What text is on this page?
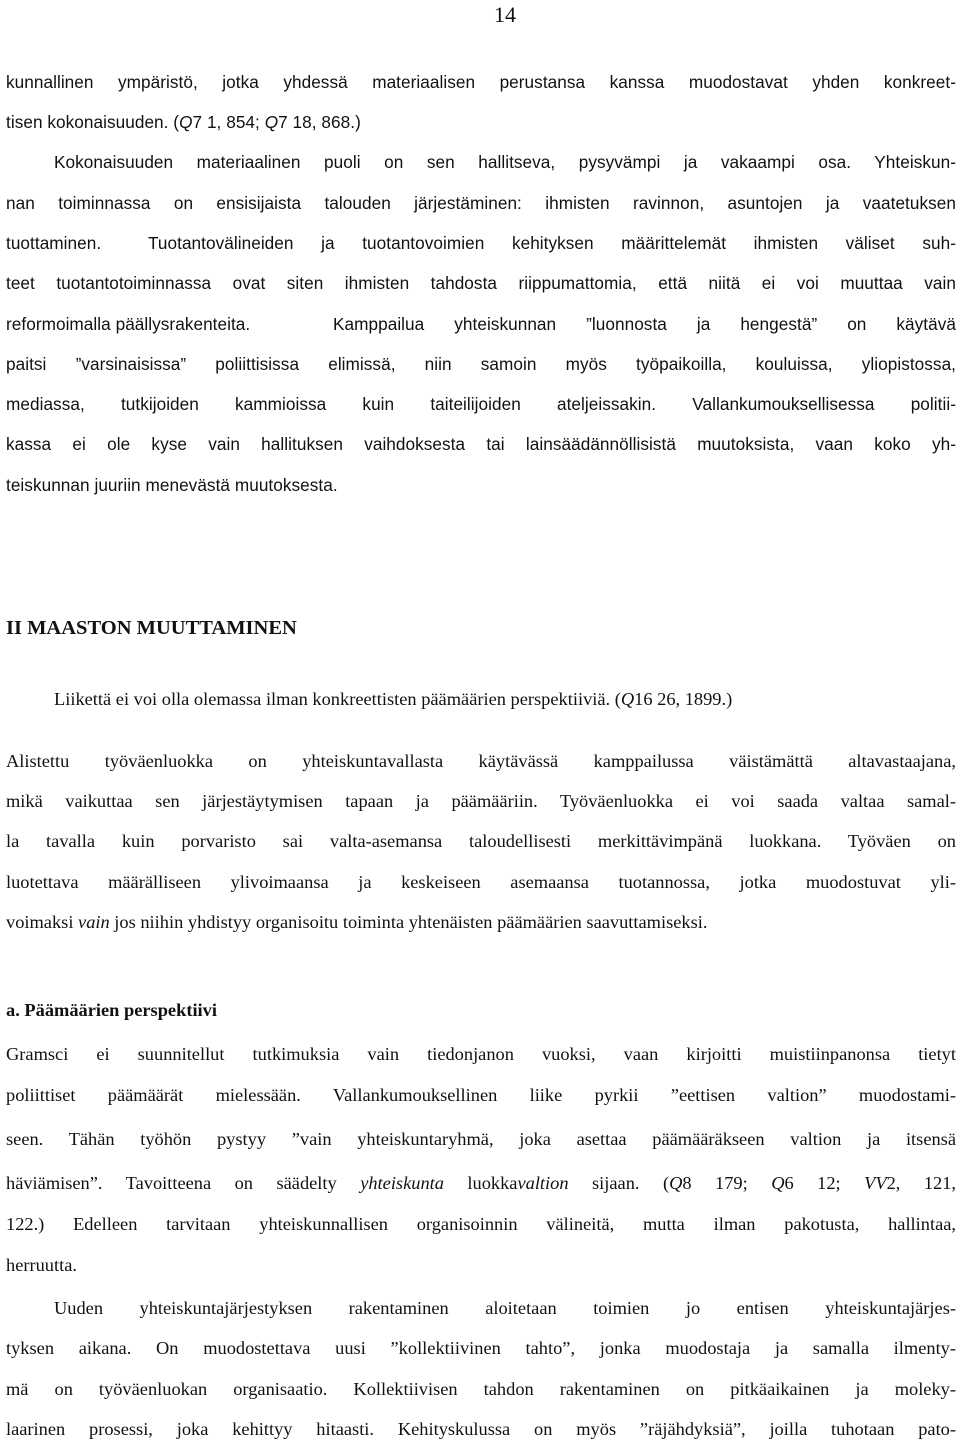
14
kunnallinen ympäristö, jotka yhdessä materiaalisen perustansa kanssa muodostavat yhden konkreet-
tisen kokonaisuuden. (Q7 1, 854; Q7 18, 868.)
Kokonaisuuden materiaalinen puoli on sen hallitseva, pysyvämpi ja vakaampi osa. Yhteiskun-
nan toiminnassa on ensisijaista talouden järjestäminen: ihmisten ravinnon, asuntojen ja vaatetuksen
tuottaminen.	Tuotantovälineiden ja tuotantovoimien kehityksen määrittelemät ihmisten väliset suh-
teet tuotantotoiminnassa ovat siten ihmisten tahdosta riippumattomia, että niitä ei voi muuttaa vain
reformoimalla päällysrakenteita.	Kamppailua yhteiskunnan ”luonnosta ja hengestä” on käytävä
paitsi ”varsinaisissa” poliittisissa elimissä, niin samoin myös työpaikoilla, kouluissa, yliopistossa,
mediassa, tutkijoiden kammioissa kuin taiteilijoiden ateljeissakin. Vallankumouksellisessa politii-
kassa ei ole kyse vain hallituksen vaihdoksesta tai lainsäädännöllisistä muutoksista, vaan koko yh-
teiskunnan juuriin menevästä muutoksesta.
II MAASTON MUUTTAMINEN
Liikettä ei voi olla olemassa ilman konkreettisten päämäärien perspektiiviä. (Q16 26, 1899.)
Alistettu työväenluokka on yhteiskuntavallasta käytävässä kamppailussa väistämättä altavastaajana,
mikä vaikuttaa sen järjestäytymisen tapaan ja päämääriin. Työväenluokka ei voi saada valtaa samal-
la tavalla kuin porvaristo sai valta-asemansa taloudellisesti merkittävimpänä luokkana. Työväen on
luotettava määrälliseen ylivoimaansa ja keskeiseen asemaansa tuotannossa, jotka muodostuvat yli-
voimaksi vain jos niihin yhdistyy organisoitu toiminta yhtenäisten päämäärien saavuttamiseksi.
a. Päämäärien perspektiivi
Gramsci ei suunnitellut tutkimuksia vain tiedonjanon vuoksi, vaan kirjoitti muistiinpanonsa tietyt
poliittiset päämäärät mielessään. Vallankumouksellinen liike pyrkii ”eettisen valtion” muodostami-
seen. Tähän työhön pystyy ”vain yhteiskuntaryhmä, joka asettaa päämääräkseen valtion ja itsensä
häviämisen”. Tavoitteena on säädelty yhteiskunta luokkavaltion sijaan. (Q8 179; Q6 12; VV2, 121,
122.) Edelleen tarvitaan yhteiskunnallisen organisoinnin välineitä, mutta ilman pakotusta, hallintaa,
herruutta.
Uuden yhteiskuntajärjestyksen rakentaminen aloitetaan toimien jo entisen yhteiskuntajärjes-
tyksen aikana. On muodostettava uusi ”kollektiivinen tahto”, jonka muodostaja ja samalla ilmenty-
mä on työväenluokan organisaatio. Kollektiivisen tahdon rakentaminen on pitkäaikainen ja moleky-
laarinen prosessi, joka kehittyy hitaasti. Kehityskulussa on myös ”räjähdyksiä”, joilla tuhotaan pato-
